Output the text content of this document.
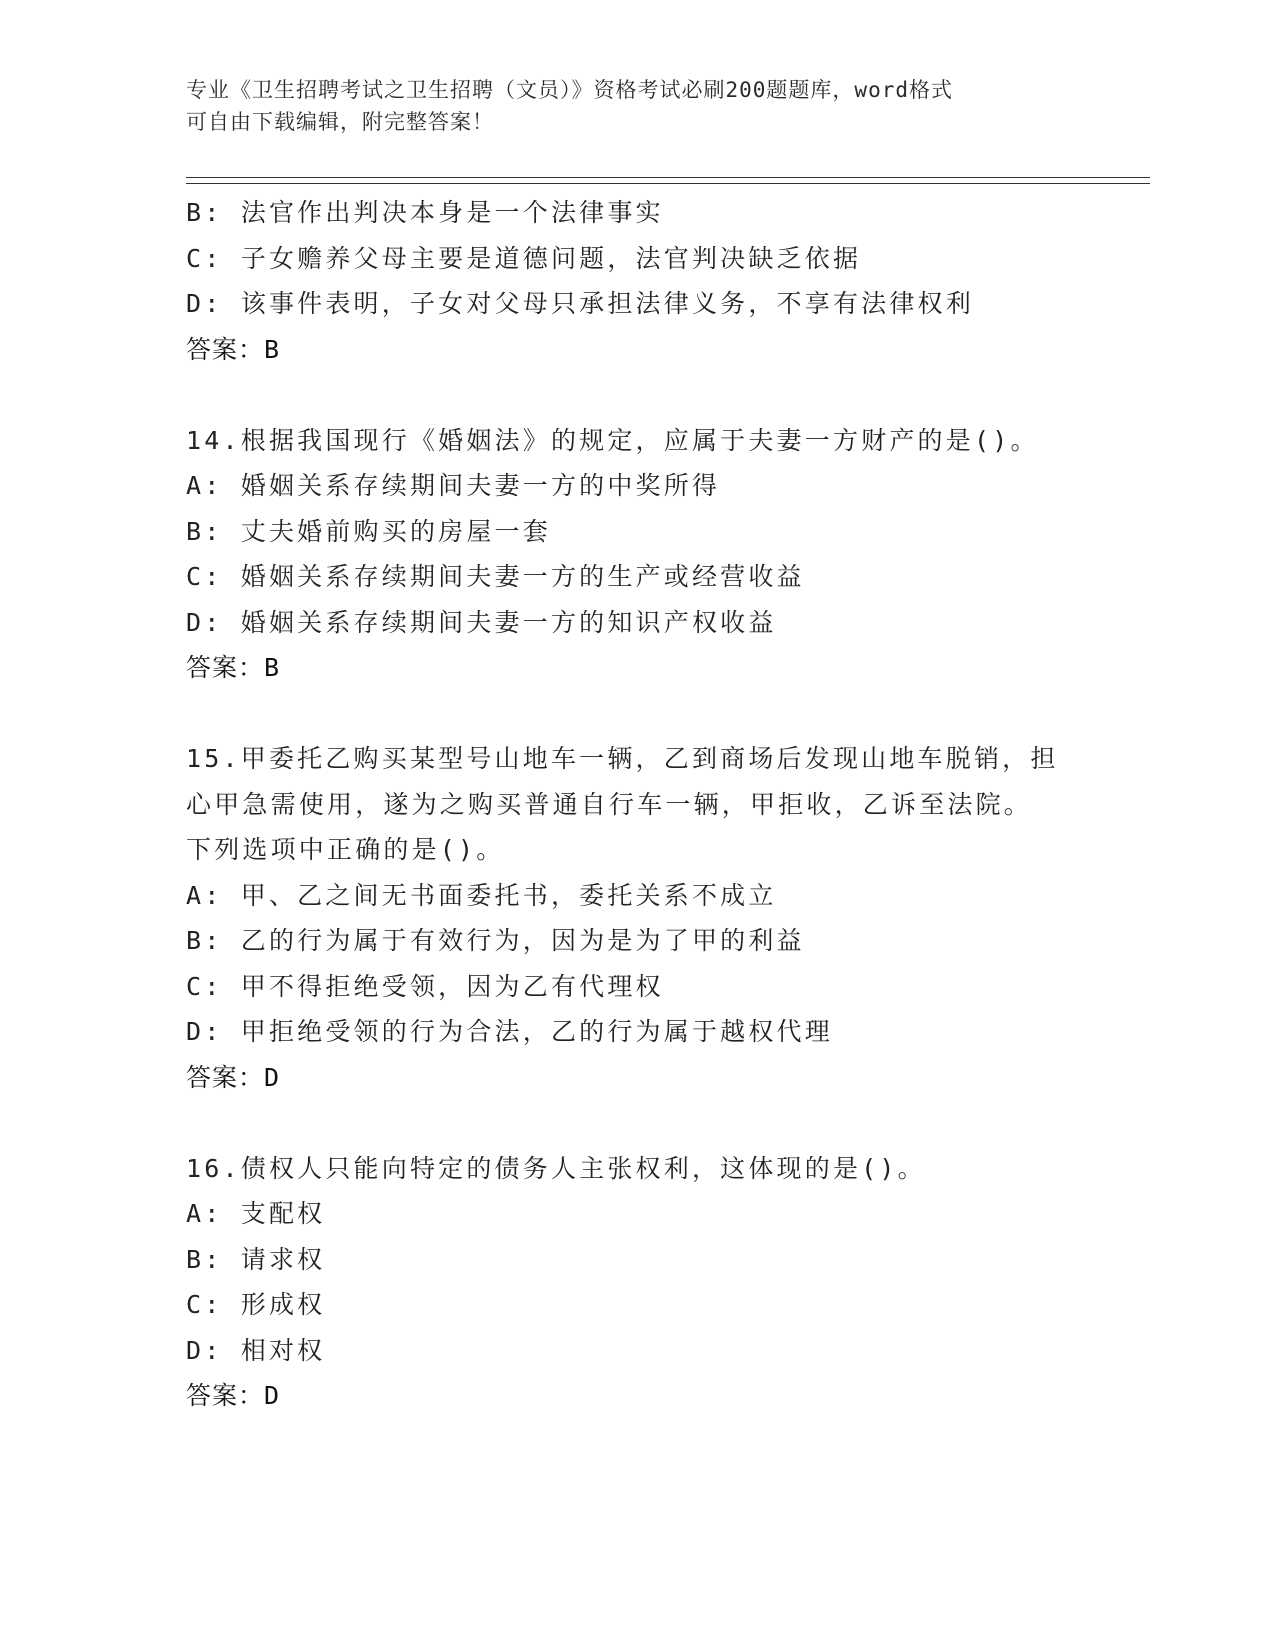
专业《卫生招聘考试之卫生招聘（文员）》资格考试必刷200题题库，word格式
可自由下载编辑，附完整答案！
B: 法官作出判决本身是一个法律事实
C: 子女赡养父母主要是道德问题，法官判决缺乏依据
D: 该事件表明，子女对父母只承担法律义务，不享有法律权利
答案：B
14.根据我国现行《婚姻法》的规定，应属于夫妻一方财产的是()。
A: 婚姻关系存续期间夫妻一方的中奖所得
B: 丈夫婚前购买的房屋一套
C: 婚姻关系存续期间夫妻一方的生产或经营收益
D: 婚姻关系存续期间夫妻一方的知识产权收益
答案：B
15.甲委托乙购买某型号山地车一辆，乙到商场后发现山地车脱销，担
心甲急需使用，遂为之购买普通自行车一辆，甲拒收，乙诉至法院。
下列选项中正确的是()。
A: 甲、乙之间无书面委托书，委托关系不成立
B: 乙的行为属于有效行为，因为是为了甲的利益
C: 甲不得拒绝受领，因为乙有代理权
D: 甲拒绝受领的行为合法，乙的行为属于越权代理
答案：D
16.债权人只能向特定的债务人主张权利，这体现的是()。
A: 支配权
B: 请求权
C: 形成权
D: 相对权
答案：D
